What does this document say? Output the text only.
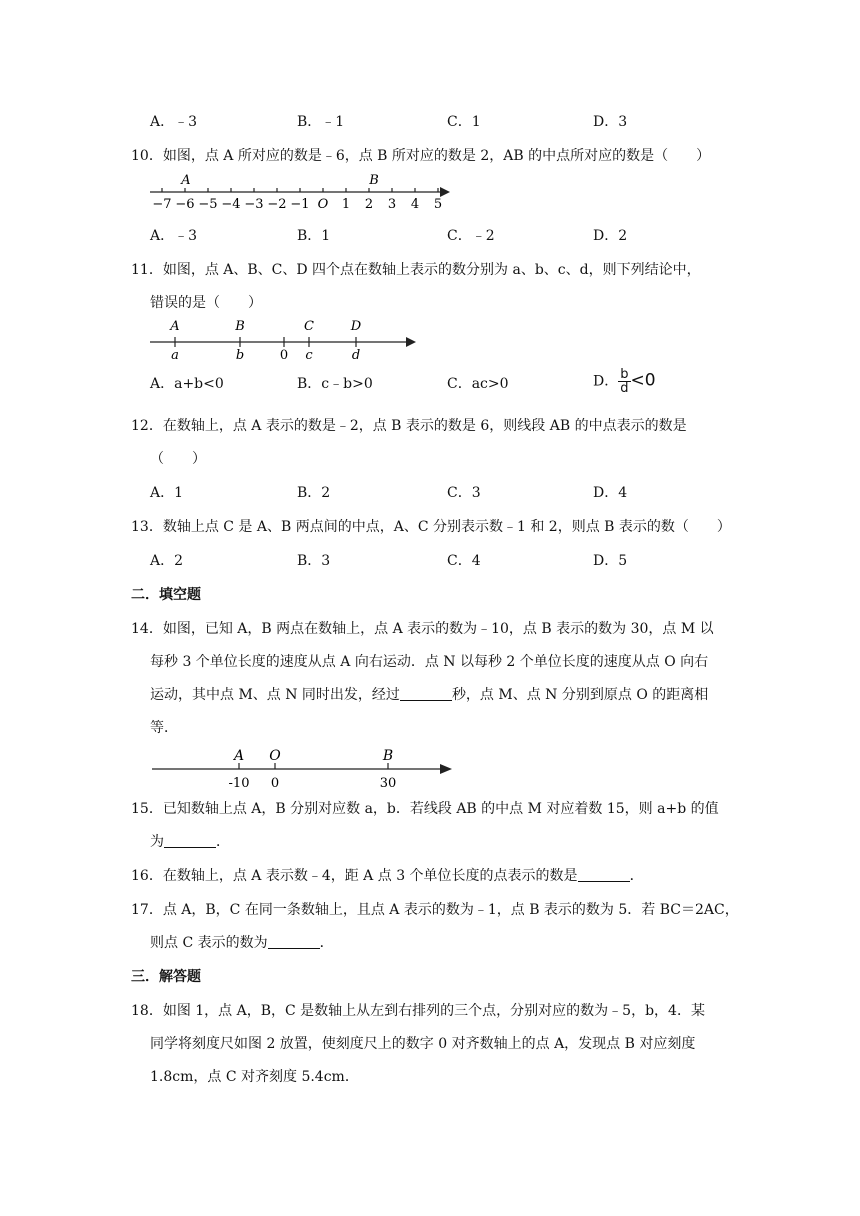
A．﹣3	B．﹣1	C．1	D．3
10．如图，点 A 所对应的数是﹣6，点 B 所对应的数是 2，AB 的中点所对应的数是（　　）
−7 −6 −5 −4 −3 −2 −1 O 1 2 3 4 5
A	B
A．﹣3	B．1	C．﹣2	D．2
11．如图，点 A、B、C、D 四个点在数轴上表示的数分别为 a、b、c、d，则下列结论中，
错误的是（　　）
A	B	C	D
a	b	0 c	d
A．a+b<0	B．c﹣b>0	C．ac>0	D． $\frac{b}{d} <0$
12．在数轴上，点 A 表示的数是﹣2，点 B 表示的数是 6，则线段 AB 的中点表示的数是
（　　）
A．1	B．2	C．3	D．4
13．数轴上点 C 是 A、B 两点间的中点，A、C 分别表示数﹣1 和 2，则点 B 表示的数（　　）
A．2	B．3	C．4	D．5
二．填空题
14．如图，已知 A，B 两点在数轴上，点 A 表示的数为﹣10，点 B 表示的数为 30，点 M 以
每秒 3 个单位长度的速度从点 A 向右运动．点 N 以每秒 2 个单位长度的速度从点 O 向右
运动，其中点 M、点 N 同时出发，经过	秒，点 M、点 N 分别到原点 O 的距离相
等．
A O	B
-10 0	30
15．已知数轴上点 A，B 分别对应数 a，b．若线段 AB 的中点 M 对应着数 15，则 a+b 的值
为	．
16．在数轴上，点 A 表示数﹣4，距 A 点 3 个单位长度的点表示的数是	．
17．点 A，B，C 在同一条数轴上，且点 A 表示的数为﹣1，点 B 表示的数为 5．若 BC＝2AC，
则点 C 表示的数为	．
三．解答题
18．如图 1，点 A，B，C 是数轴上从左到右排列的三个点，分别对应的数为﹣5，b，4．某
同学将刻度尺如图 2 放置，使刻度尺上的数字 0 对齐数轴上的点 A，发现点 B 对应刻度
1.8cm，点 C 对齐刻度 5.4cm．
